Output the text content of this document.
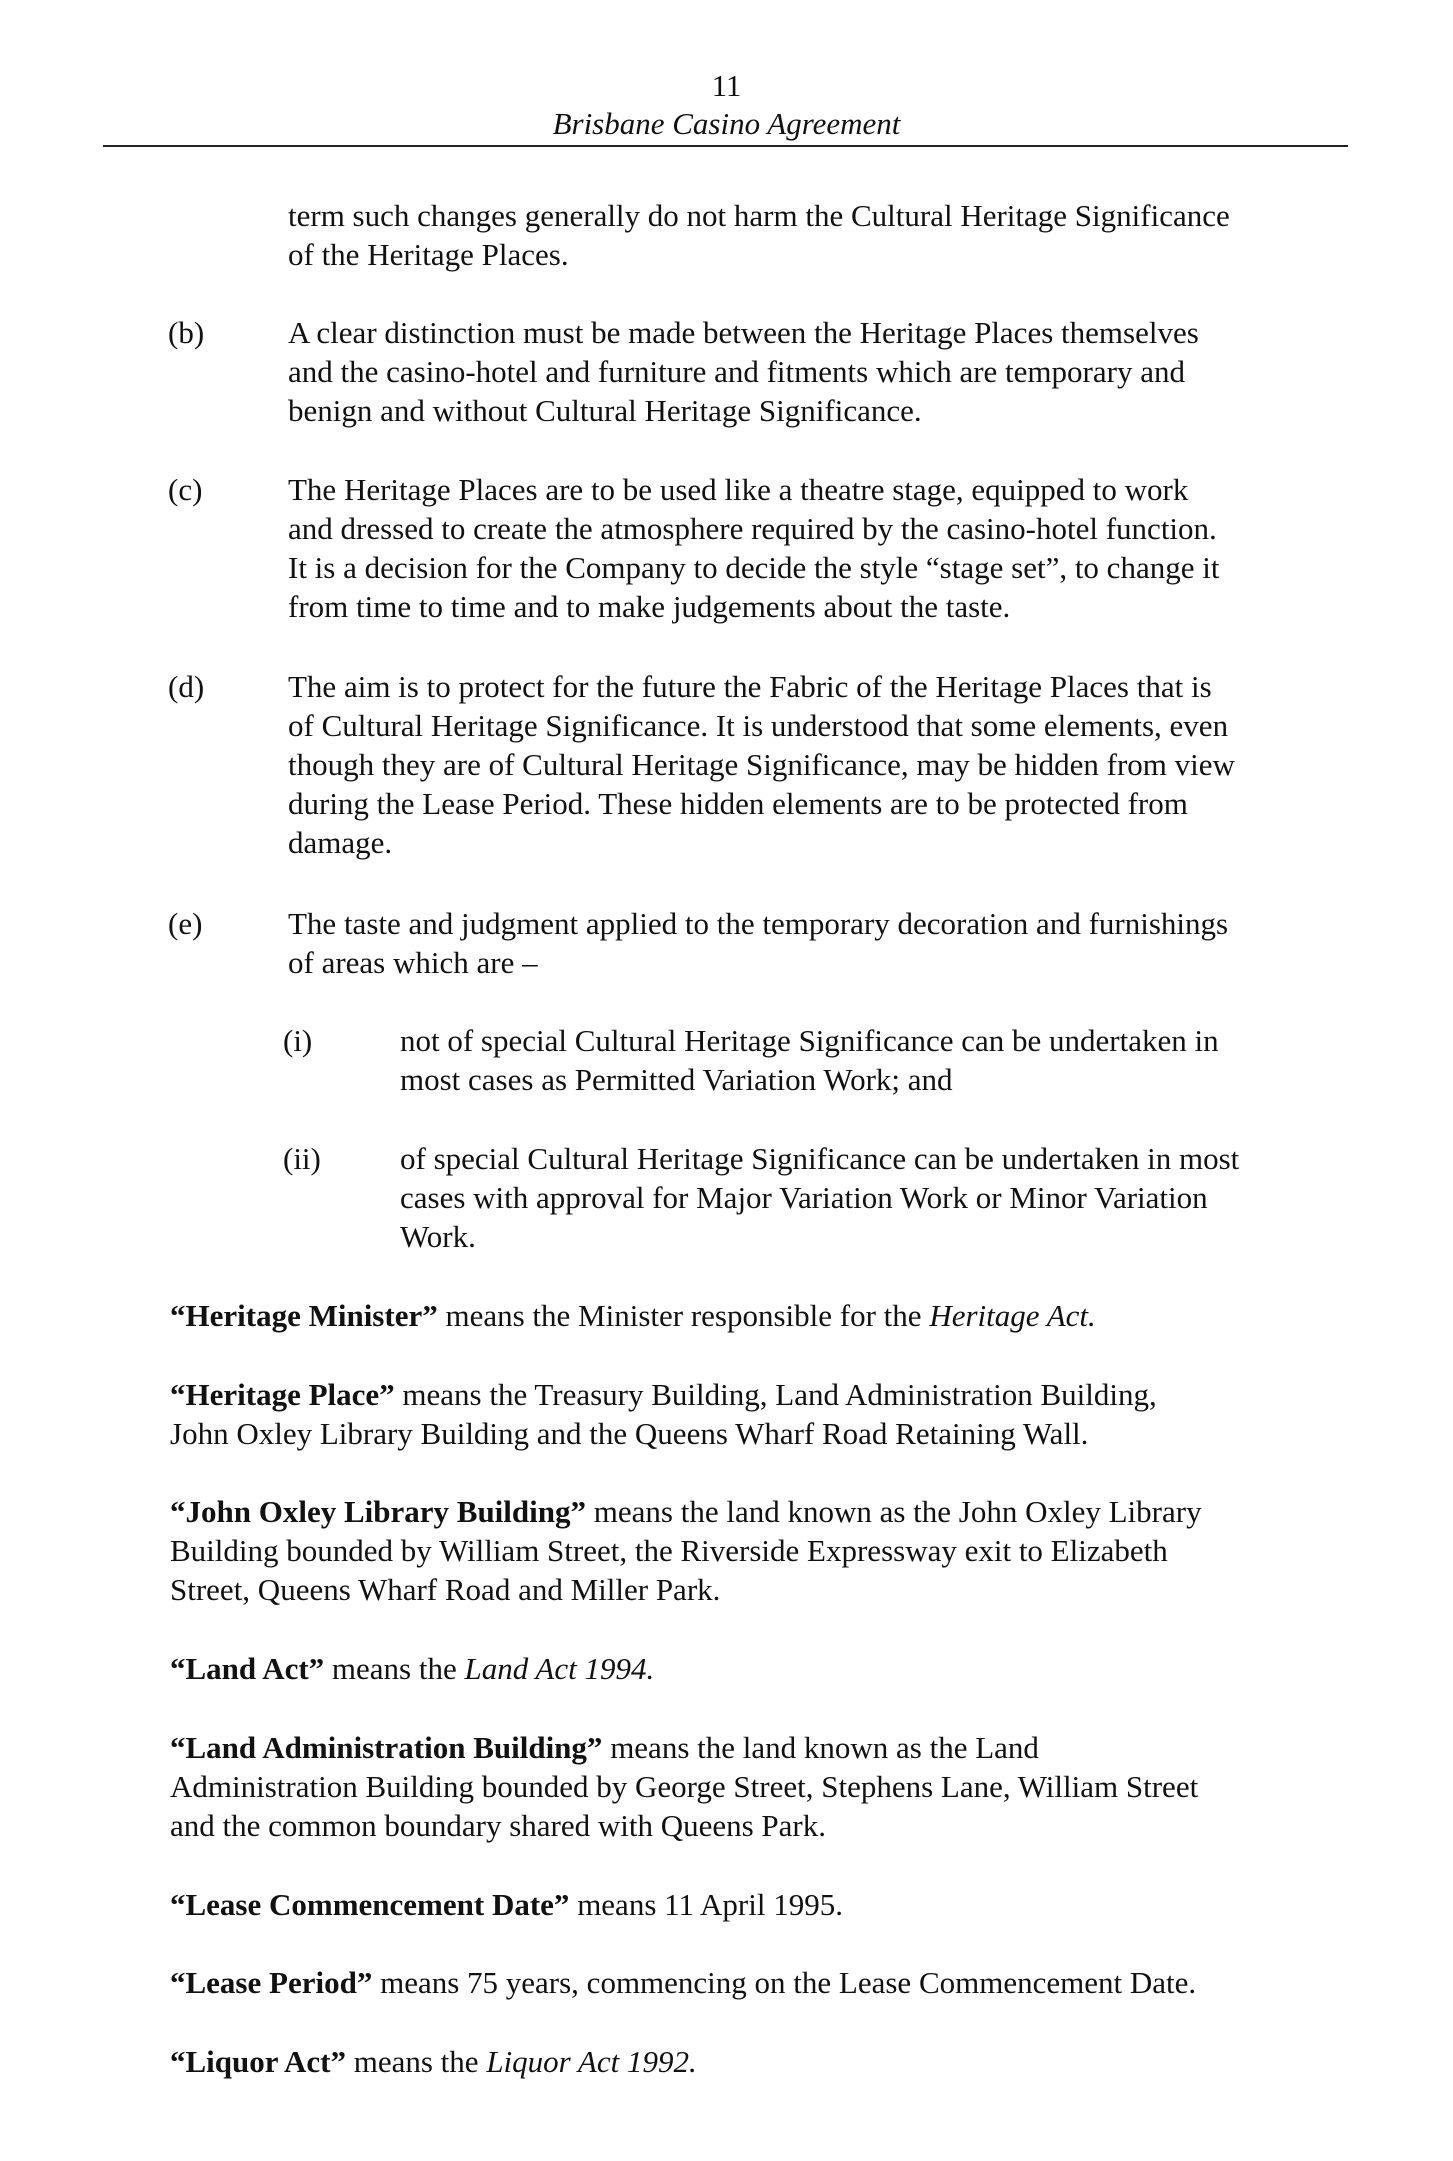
11
Brisbane Casino Agreement

term such changes generally do not harm the Cultural Heritage Significance
of the Heritage Places.

(b)	A clear distinction must be made between the Heritage Places themselves
and the casino-hotel and furniture and fitments which are temporary and
benign and without Cultural Heritage Significance.

(c)	The Heritage Places are to be used like a theatre stage, equipped to work
and dressed to create the atmosphere required by the casino-hotel function.
It is a decision for the Company to decide the style “stage set”, to change it
from time to time and to make judgements about the taste.

(d)	The aim is to protect for the future the Fabric of the Heritage Places that is
of Cultural Heritage Significance. It is understood that some elements, even
though they are of Cultural Heritage Significance, may be hidden from view
during the Lease Period. These hidden elements are to be protected from
damage.

(e)	The taste and judgment applied to the temporary decoration and furnishings
of areas which are –

(i)	not of special Cultural Heritage Significance can be undertaken in
most cases as Permitted Variation Work; and

(ii)	of special Cultural Heritage Significance can be undertaken in most
cases with approval for Major Variation Work or Minor Variation
Work.

“Heritage Minister” means the Minister responsible for the Heritage Act.

“Heritage Place” means the Treasury Building, Land Administration Building,
John Oxley Library Building and the Queens Wharf Road Retaining Wall.

“John Oxley Library Building” means the land known as the John Oxley Library
Building bounded by William Street, the Riverside Expressway exit to Elizabeth
Street, Queens Wharf Road and Miller Park.

“Land Act” means the Land Act 1994.

“Land Administration Building” means the land known as the Land
Administration Building bounded by George Street, Stephens Lane, William Street
and the common boundary shared with Queens Park.

“Lease Commencement Date” means 11 April 1995.

“Lease Period” means 75 years, commencing on the Lease Commencement Date.

“Liquor Act” means the Liquor Act 1992.
